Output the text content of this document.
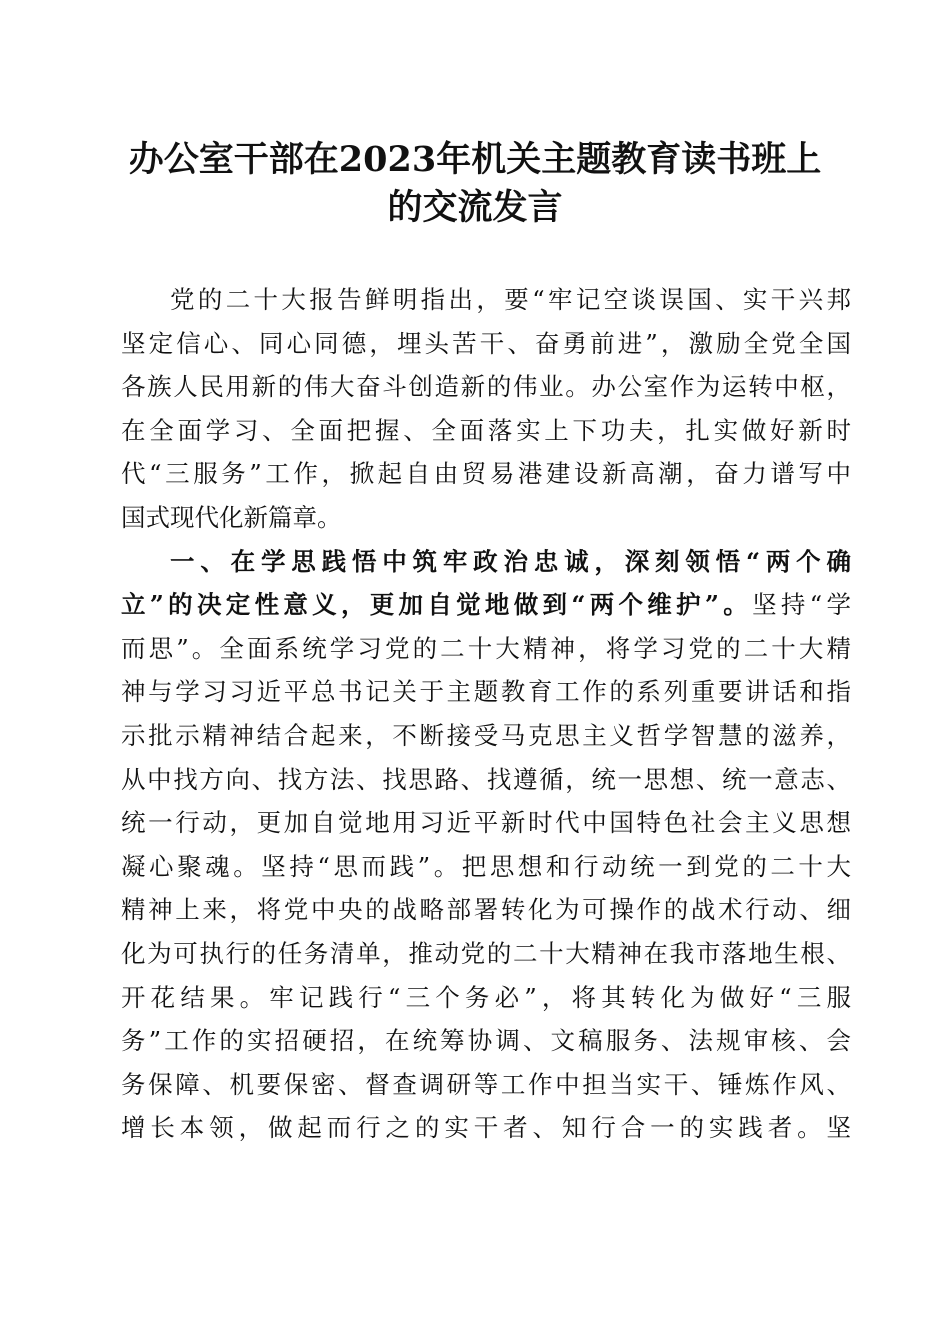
办公室干部在2023年机关主题教育读书班上
的交流发言
党的二十大报告鲜明指出，要“牢记空谈误国、实干兴邦
坚定信心、同心同德，埋头苦干、奋勇前进”，激励全党全国
各族人民用新的伟大奋斗创造新的伟业。办公室作为运转中枢，
在全面学习、全面把握、全面落实上下功夫，扎实做好新时
代“三服务”工作，掀起自由贸易港建设新高潮，奋力谱写中
国式现代化新篇章。
一、在学思践悟中筑牢政治忠诚，深刻领悟“两个确
立”的决定性意义，更加自觉地做到“两个维护”。坚持“学
而思”。全面系统学习党的二十大精神，将学习党的二十大精
神与学习习近平总书记关于主题教育工作的系列重要讲话和指
示批示精神结合起来，不断接受马克思主义哲学智慧的滋养，
从中找方向、找方法、找思路、找遵循，统一思想、统一意志、
统一行动，更加自觉地用习近平新时代中国特色社会主义思想
凝心聚魂。坚持“思而践”。把思想和行动统一到党的二十大
精神上来，将党中央的战略部署转化为可操作的战术行动、细
化为可执行的任务清单，推动党的二十大精神在我市落地生根、
开花结果。牢记践行“三个务必”，将其转化为做好“三服
务”工作的实招硬招，在统筹协调、文稿服务、法规审核、会
务保障、机要保密、督查调研等工作中担当实干、锤炼作风、
增长本领，做起而行之的实干者、知行合一的实践者。坚
